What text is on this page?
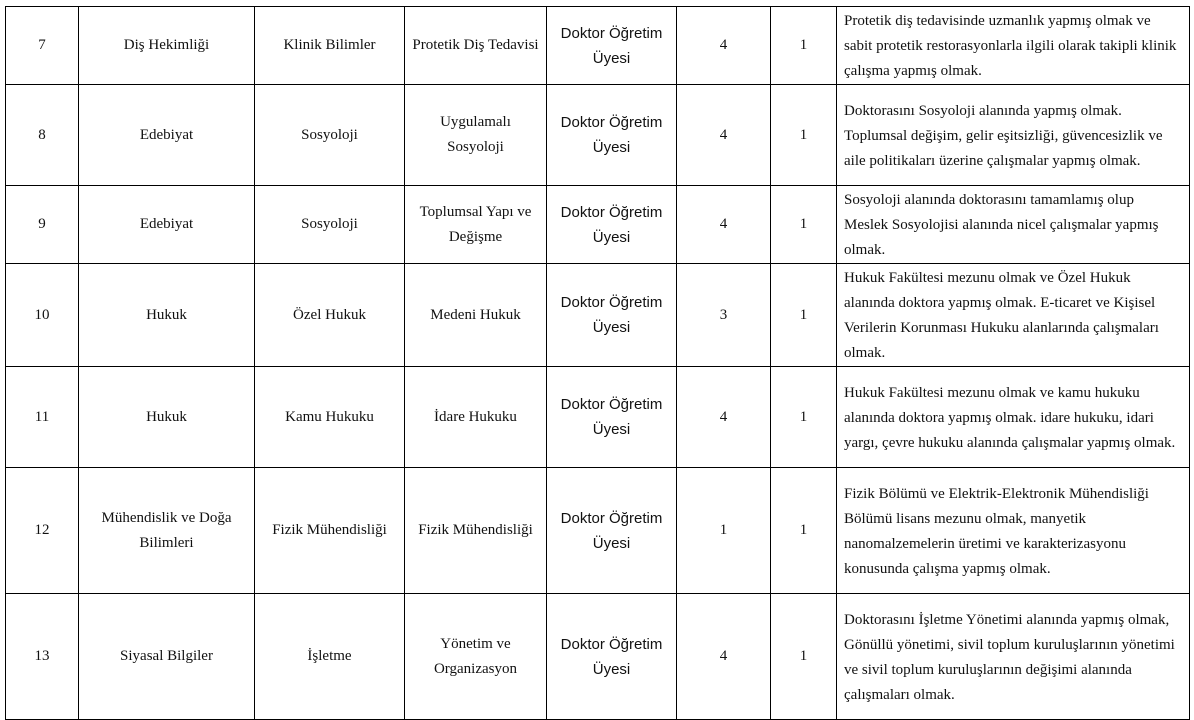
7	Diş Hekimliği	Klinik Bilimler	Protetik Diş Tedavisi	Doktor Öğretim Üyesi	4	1	Protetik diş tedavisinde uzmanlık yapmış olmak ve sabit protetik restorasyonlarla ilgili olarak takipli klinik çalışma yapmış olmak.
8	Edebiyat	Sosyoloji	Uygulamalı Sosyoloji	Doktor Öğretim Üyesi	4	1	Doktorasını Sosyoloji alanında yapmış olmak. Toplumsal değişim, gelir eşitsizliği, güvencesizlik ve aile politikaları üzerine çalışmalar yapmış olmak.
9	Edebiyat	Sosyoloji	Toplumsal Yapı ve Değişme	Doktor Öğretim Üyesi	4	1	Sosyoloji alanında doktorasını tamamlamış olup Meslek Sosyolojisi alanında nicel çalışmalar yapmış olmak.
10	Hukuk	Özel Hukuk	Medeni Hukuk	Doktor Öğretim Üyesi	3	1	Hukuk Fakültesi mezunu olmak ve Özel Hukuk alanında doktora yapmış olmak. E-ticaret ve Kişisel Verilerin Korunması Hukuku alanlarında çalışmaları olmak.
11	Hukuk	Kamu Hukuku	İdare Hukuku	Doktor Öğretim Üyesi	4	1	Hukuk Fakültesi mezunu olmak ve kamu hukuku alanında doktora yapmış olmak. idare hukuku, idari yargı, çevre hukuku alanında çalışmalar yapmış olmak.
12	Mühendislik ve Doğa Bilimleri	Fizik Mühendisliği	Fizik Mühendisliği	Doktor Öğretim Üyesi	1	1	Fizik Bölümü ve Elektrik-Elektronik Mühendisliği Bölümü lisans mezunu olmak, manyetik nanomalzemelerin üretimi ve karakterizasyonu konusunda çalışma yapmış olmak.
13	Siyasal Bilgiler	İşletme	Yönetim ve Organizasyon	Doktor Öğretim Üyesi	4	1	Doktorasını İşletme Yönetimi alanında yapmış olmak, Gönüllü yönetimi, sivil toplum kuruluşlarının yönetimi ve sivil toplum kuruluşlarının değişimi alanında çalışmaları olmak.
